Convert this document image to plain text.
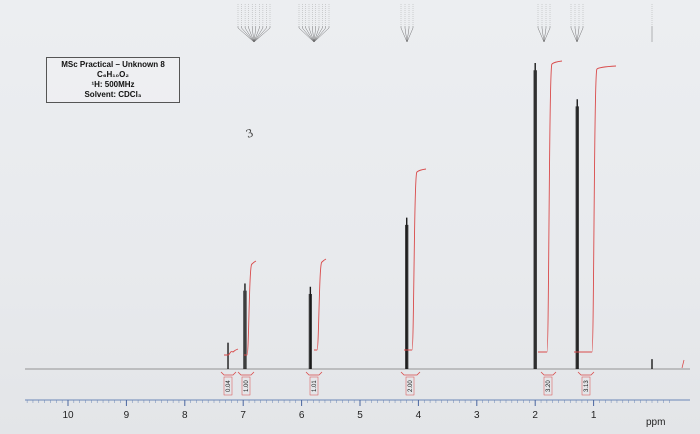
MSc Practical – Unknown 8
C₆H₁₀O₂
¹H: 500MHz
Solvent: CDCl₃
10	9	8	7	6	5	4	3	2	1
ppm
0.04 1.00	1.01	2.00	3.20	3.13
3
